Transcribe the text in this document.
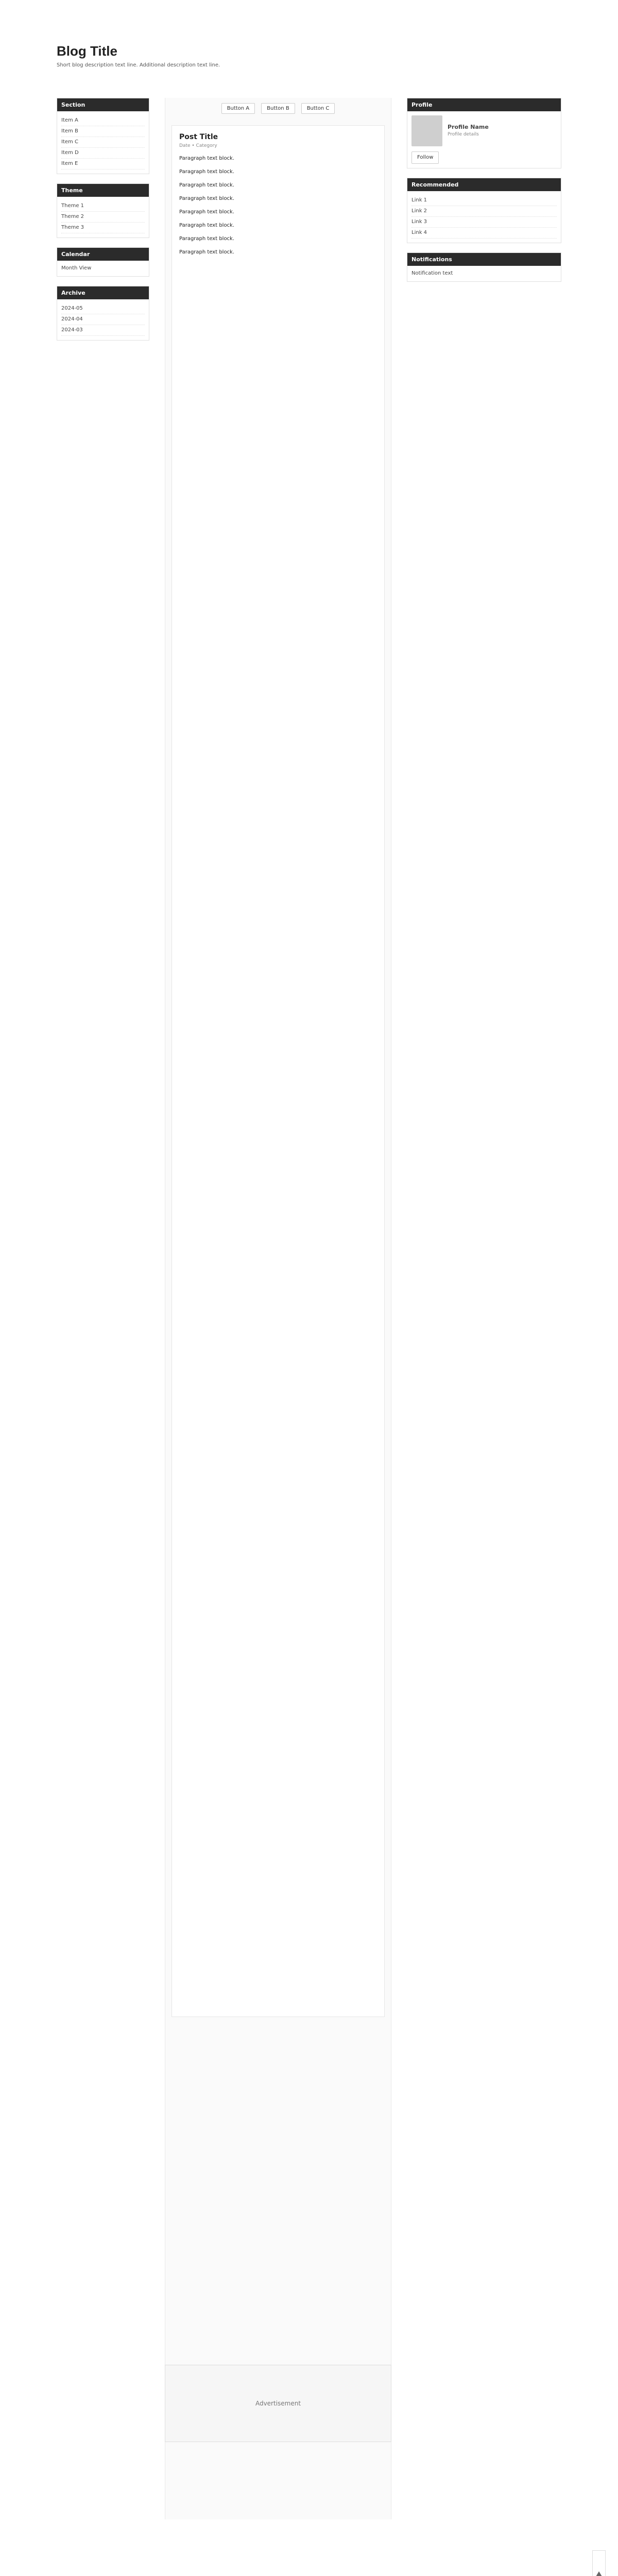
Blog Title
Short blog description text line. Additional description text line.
Section
Item A
Item B
Item C
Item D
Item E
Theme
Theme 1
Theme 2
Theme 3
Calendar
Month View
Archive
2024-05
2024-04
2024-03
Button A	Button B	Button C
Post Title
Date • Category

Paragraph text block.

Paragraph text block.

Paragraph text block.

Paragraph text block.

Paragraph text block.

Paragraph text block.

Paragraph text block.

Paragraph text block.

Profile
Profile Name
Profile details
Follow
Recommended
Link 1
Link 2
Link 3
Link 4
Notifications
Notification text
Advertisement
